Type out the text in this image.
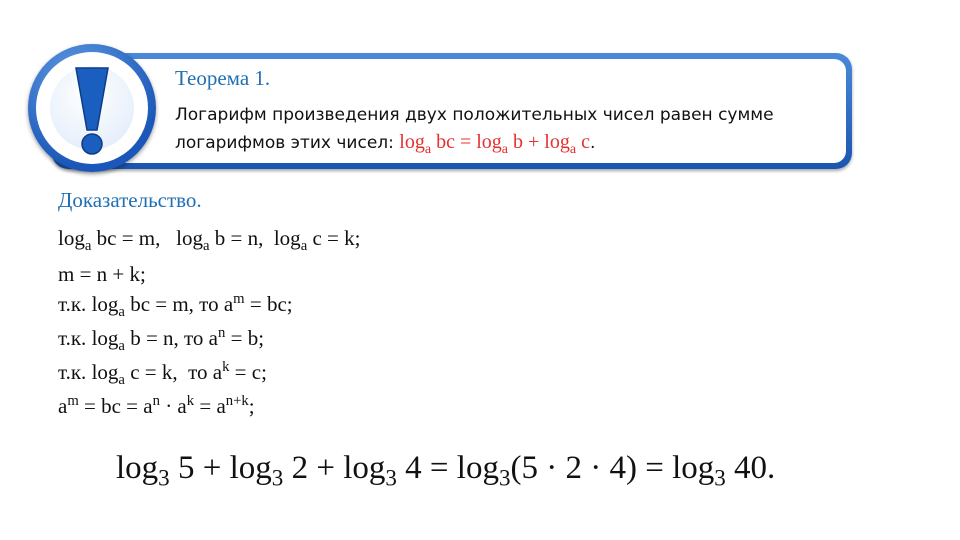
Теорема 1.
Логарифм произведения двух положительных чисел равен сумме
логарифмов этих чисел: $\log_a$ bc = $\log_a b + \log_a c$.
Доказательство.
$\log_a$ bc = m,   $\log_a b = n$,  $\log_a c = k$;
m = n + k;
т.к. $\log_a$ bc = m, то $a^m$ = bc;
т.к. $\log_a b = n$, то $a^n = b$;
т.к. $\log_a c = k$,  то $a^k = c$;
$a^m$ = bc = $a^n \cdot a^k = a^{n+k}$;
$\log_3 5 + \log_3 2 + \log_3 4 = \log_3(5 \cdot 2 \cdot 4) = \log_3 40$.
